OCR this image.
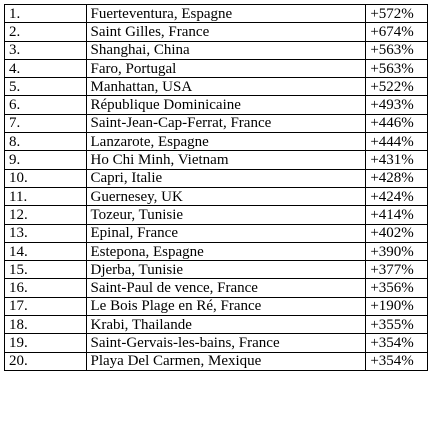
1.	Fuerteventura, Espagne	+572%
2.	Saint Gilles, France	+674%
3.	Shanghai, China	+563%
4.	Faro, Portugal	+563%
5.	Manhattan, USA	+522%
6.	République Dominicaine	+493%
7.	Saint-Jean-Cap-Ferrat, France	+446%
8.	Lanzarote, Espagne	+444%
9.	Ho Chi Minh, Vietnam	+431%
10.	Capri, Italie	+428%
11.	Guernesey, UK	+424%
12.	Tozeur, Tunisie	+414%
13.	Epinal, France	+402%
14.	Estepona, Espagne	+390%
15.	Djerba, Tunisie	+377%
16.	Saint-Paul de vence, France	+356%
17.	Le Bois Plage en Ré, France	+190%
18.	Krabi, Thailande	+355%
19.	Saint-Gervais-les-bains, France	+354%
20.	Playa Del Carmen, Mexique	+354%
